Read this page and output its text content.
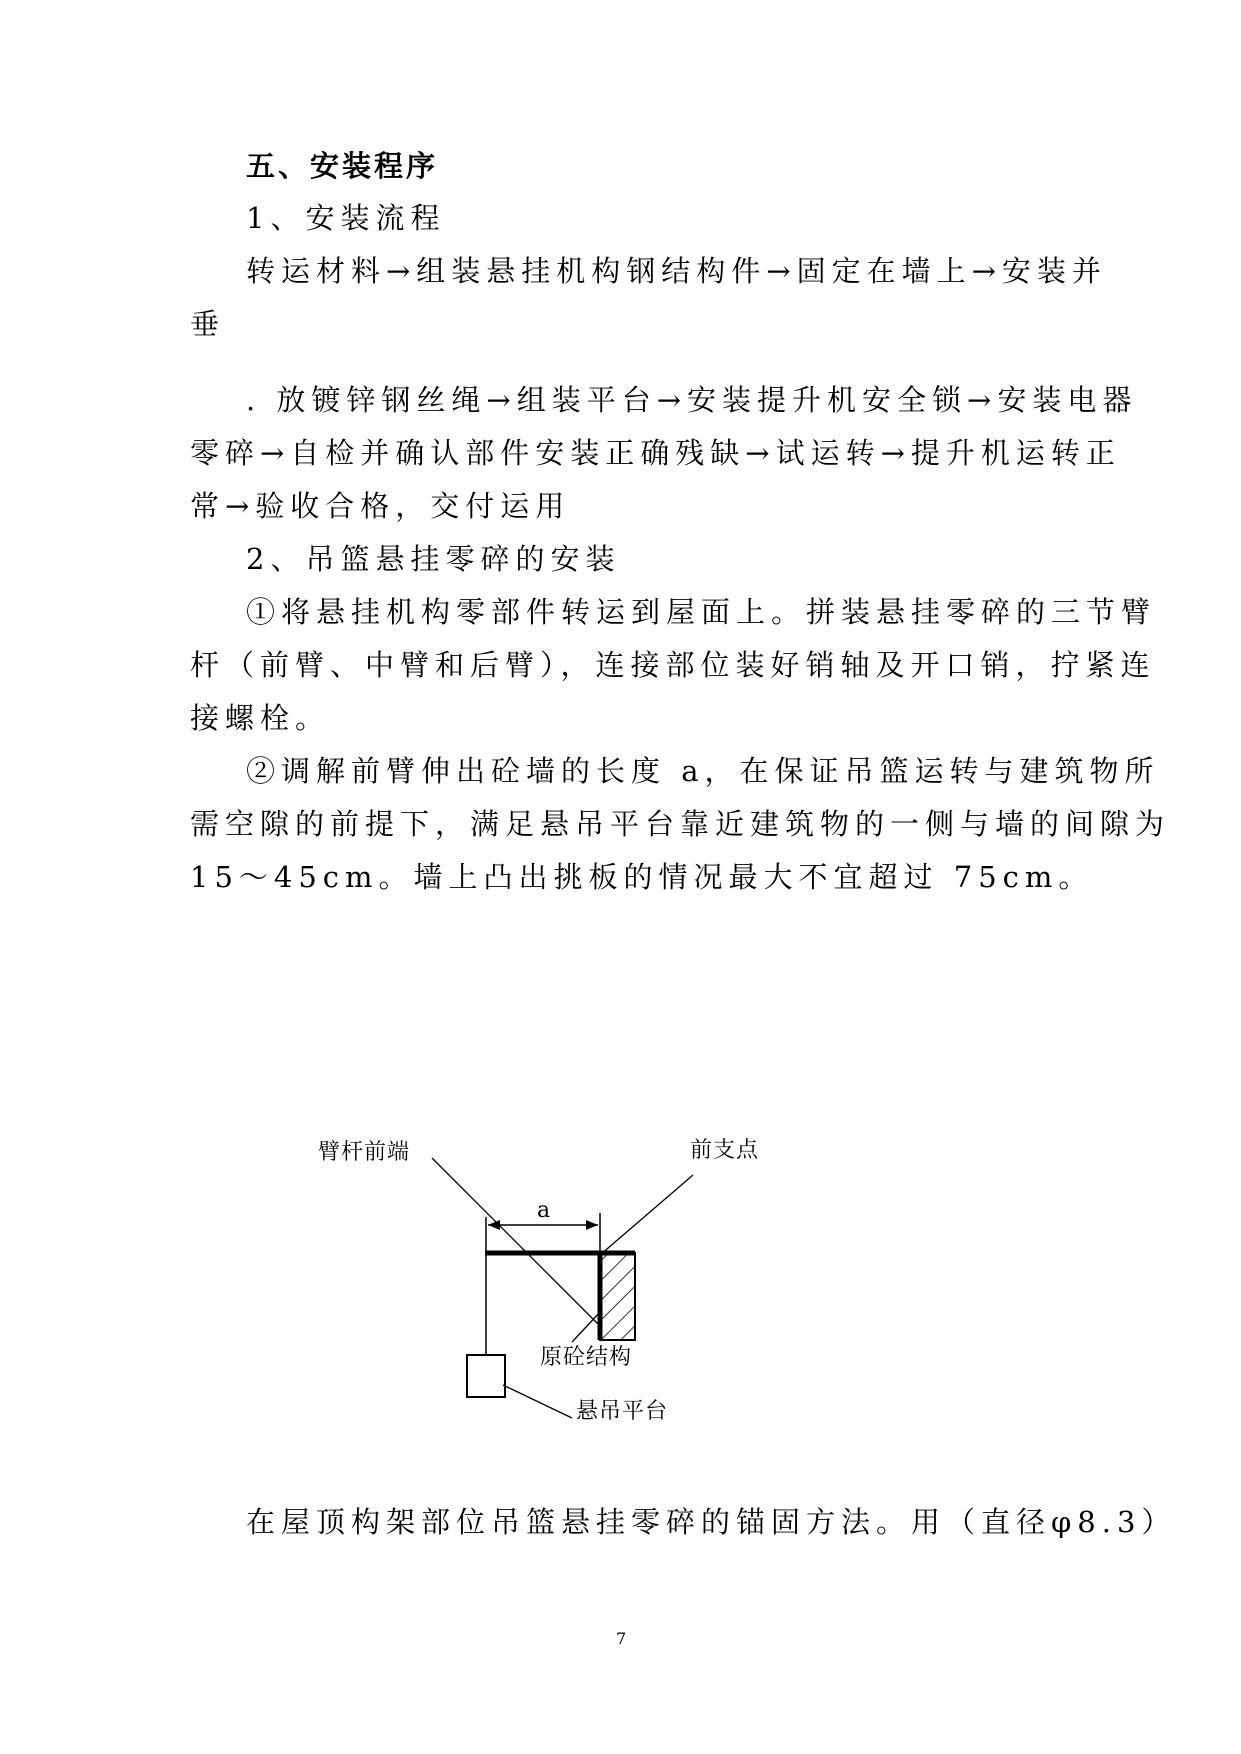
五、安装程序
1、安装流程
转运材料→组装悬挂机构钢结构件→固定在墙上→安装并
垂
. 放镀锌钢丝绳→组装平台→安装提升机安全锁→安装电器
零碎→自检并确认部件安装正确残缺→试运转→提升机运转正
常→验收合格，交付运用
2、吊篮悬挂零碎的安装
①将悬挂机构零部件转运到屋面上。拼装悬挂零碎的三节臂
杆（前臂、中臂和后臂），连接部位装好销轴及开口销，拧紧连
接螺栓。
②调解前臂伸出砼墙的长度 a，在保证吊篮运转与建筑物所
需空隙的前提下，满足悬吊平台靠近建筑物的一侧与墙的间隙为
15～45cm。墙上凸出挑板的情况最大不宜超过 75cm。
臂杆前端	前支点
a
原砼结构
悬吊平台
在屋顶构架部位吊篮悬挂零碎的锚固方法。用（直径φ8.3）
7
